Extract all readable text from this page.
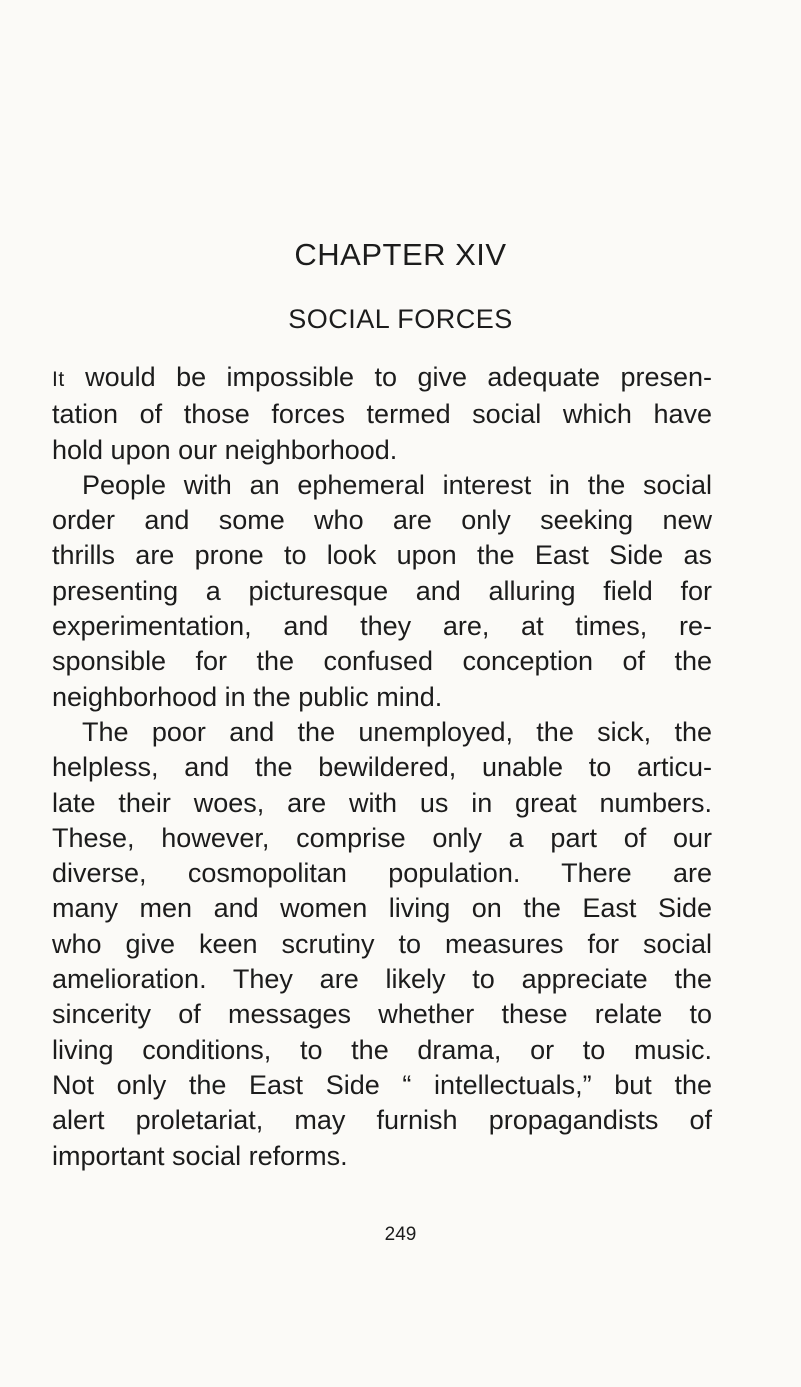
CHAPTER XIV
SOCIAL FORCES
It would be impossible to give adequate presen-
tation of those forces termed social which have
hold upon our neighborhood.
People with an ephemeral interest in the social
order and some who are only seeking new
thrills are prone to look upon the East Side as
presenting a picturesque and alluring field for
experimentation, and they are, at times, re-
sponsible for the confused conception of the
neighborhood in the public mind.
The poor and the unemployed, the sick, the
helpless, and the bewildered, unable to articu-
late their woes, are with us in great numbers.
These, however, comprise only a part of our
diverse, cosmopolitan population. There are
many men and women living on the East Side
who give keen scrutiny to measures for social
amelioration. They are likely to appreciate the
sincerity of messages whether these relate to
living conditions, to the drama, or to music.
Not only the East Side “ intellectuals,” but the
alert proletariat, may furnish propagandists of
important social reforms.
249
